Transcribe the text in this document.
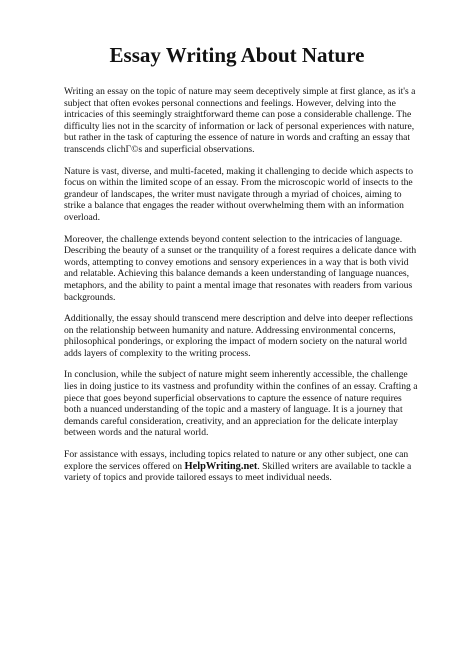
Essay Writing About Nature

Writing an essay on the topic of nature may seem deceptively simple at first glance, as it's a subject that often evokes personal connections and feelings. However, delving into the intricacies of this seemingly straightforward theme can pose a considerable challenge. The difficulty lies not in the scarcity of information or lack of personal experiences with nature, but rather in the task of capturing the essence of nature in words and crafting an essay that transcends clichГ©s and superficial observations.

Nature is vast, diverse, and multi-faceted, making it challenging to decide which aspects to focus on within the limited scope of an essay. From the microscopic world of insects to the grandeur of landscapes, the writer must navigate through a myriad of choices, aiming to strike a balance that engages the reader without overwhelming them with an information overload.

Moreover, the challenge extends beyond content selection to the intricacies of language. Describing the beauty of a sunset or the tranquility of a forest requires a delicate dance with words, attempting to convey emotions and sensory experiences in a way that is both vivid and relatable. Achieving this balance demands a keen understanding of language nuances, metaphors, and the ability to paint a mental image that resonates with readers from various backgrounds.

Additionally, the essay should transcend mere description and delve into deeper reflections on the relationship between humanity and nature. Addressing environmental concerns, philosophical ponderings, or exploring the impact of modern society on the natural world adds layers of complexity to the writing process.

In conclusion, while the subject of nature might seem inherently accessible, the challenge lies in doing justice to its vastness and profundity within the confines of an essay. Crafting a piece that goes beyond superficial observations to capture the essence of nature requires both a nuanced understanding of the topic and a mastery of language. It is a journey that demands careful consideration, creativity, and an appreciation for the delicate interplay between words and the natural world.

For assistance with essays, including topics related to nature or any other subject, one can explore the services offered on HelpWriting.net. Skilled writers are available to tackle a variety of topics and provide tailored essays to meet individual needs.
